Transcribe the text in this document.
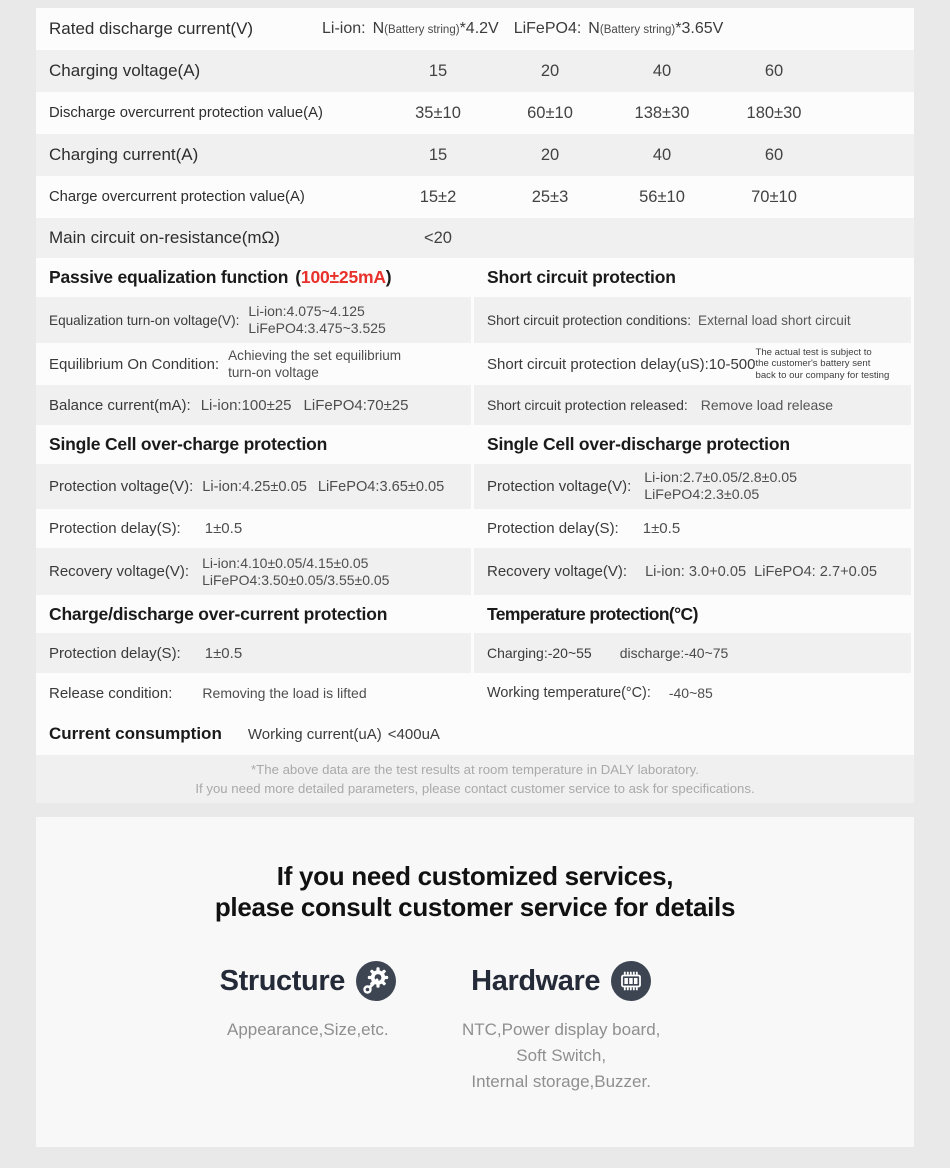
Rated discharge current(V)	Li-ion: N(Battery string)*4.2V LiFePO4: N(Battery string)*3.65V
Charging voltage(A)	15	20	40	60
Discharge overcurrent protection value(A)	35±10	60±10	138±30	180±30
Charging current(A)	15	20	40	60
Charge overcurrent protection value(A)	15±2	25±3	56±10	70±10
Main circuit on-resistance(mΩ)	<20
Passive equalization function ( 100±25mA )
Equalization turn-on voltage(V):
Li-ion:4.075~4.125
LiFePO4:3.475~3.525
Equilibrium On Condition: Achieving the set equilibrium
turn-on voltage
Balance current(mA): Li-ion:100±25 LiFePO4:70±25
Single Cell over-charge protection
Protection voltage(V): Li-ion:4.25±0.05 LiFePO4:3.65±0.05
Protection delay(S): 1±0.5
Recovery voltage(V):
Li-ion:4.10±0.05/4.15±0.05
LiFePO4:3.50±0.05/3.55±0.05
Charge/discharge over-current protection
Protection delay(S): 1±0.5
Release condition: Removing the load is lifted
Short circuit protection
Short circuit protection conditions: External load short circuit
Short circuit protection delay(uS):10-500
The actual test is subject to
the customer's battery sent
back to our company for testing
Short circuit protection released: Remove load release
Single Cell over-discharge protection
Protection voltage(V):
Li-ion:2.7±0.05/2.8±0.05
LiFePO4:2.3±0.05
Protection delay(S): 1±0.5
Recovery voltage(V): Li-ion: 3.0+0.05 LiFePO4: 2.7+0.05
Temperature protection(°C)
Charging:-20~55 discharge:-40~75
Working temperature(°C): -40~85
Current consumption Working current(uA) <400uA
*The above data are the test results at room temperature in DALY laboratory.
If you need more detailed parameters, please contact customer service to ask for specifications.
If you need customized services,
please consult customer service for details
Structure
Appearance,Size,etc.
Hardware
NTC,Power display board,
Soft Switch,
Internal storage,Buzzer.
